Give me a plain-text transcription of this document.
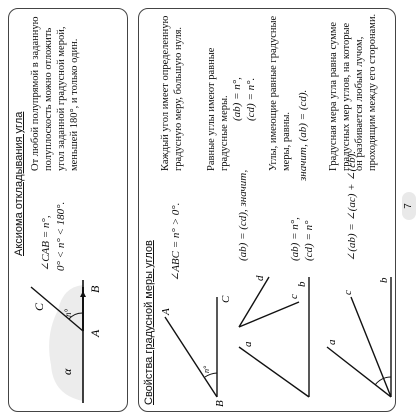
Аксиома откладывания угла
α
C
n°
A
B
∠CAB = n°, 0° < n° < 180°.
От любой полупрямой в заданную полуплоскость можно отложить угол заданной градусной мерой, меньшей 180°, и только один.
Свойства градусной меры углов A
B
C
n°
∠ABC = n° > 0°.
Каждый угол имеет определенную градусную меру, большую нуля.
a
b
c
d
Равные углы имеют равные градусные меры.
(ab) = (cd), значит,
(ab) = n°, (cd) = n°. Углы, имеющие равные градусные меры, равны.
(ab) = n°, (cd) = n°
значит, (ab) = (cd).
a
c
b
∠(ab) = ∠(ac) + ∠(cb).
Градусная мера угла равна сумме градусных мер углов, на которые он разбивается любым лучом, проходящим между его сторонами.
7
